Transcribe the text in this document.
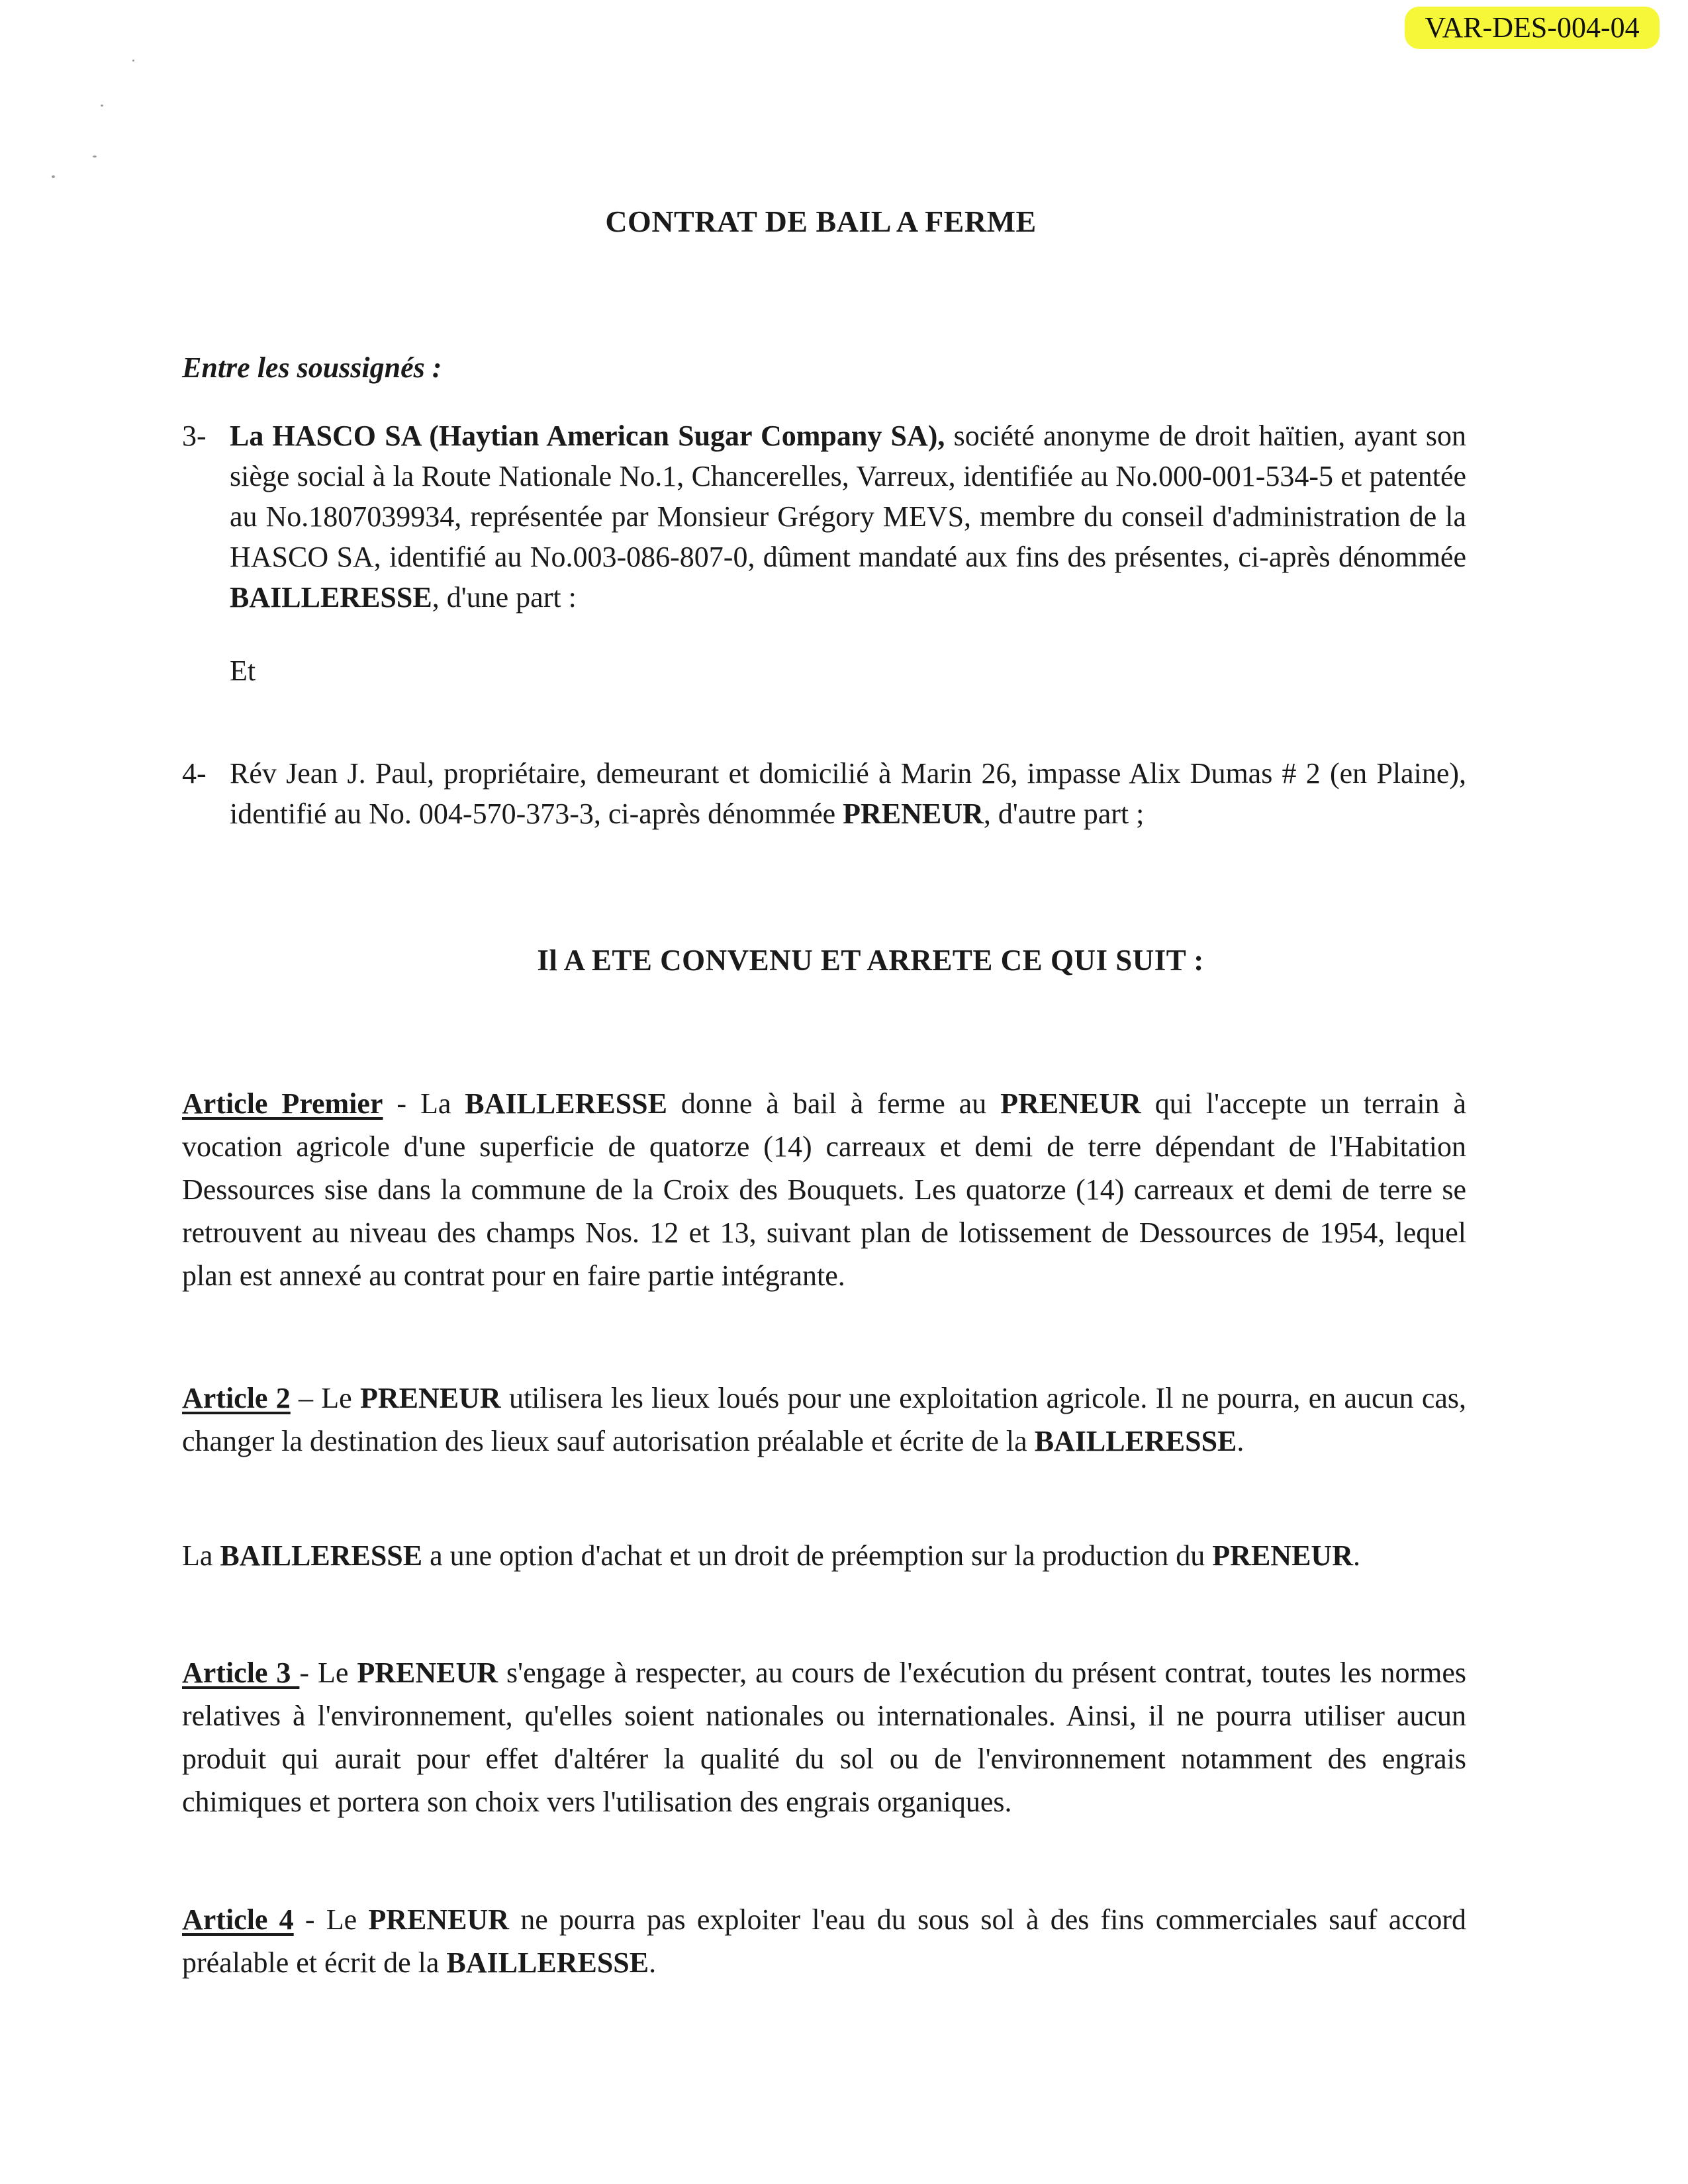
VAR-DES-004-04
CONTRAT DE BAIL A FERME
Entre les soussignés :
3- La HASCO SA (Haytian American Sugar Company SA), société anonyme de droit haïtien, ayant son siège social à la Route Nationale No.1, Chancerelles, Varreux, identifiée au No.000-001-534-5 et patentée au No.1807039934, représentée par Monsieur Grégory MEVS, membre du conseil d'administration de la HASCO SA, identifié au No.003-086-807-0, dûment mandaté aux fins des présentes, ci-après dénommée BAILLERESSE, d'une part :
Et
4- Rév Jean J. Paul, propriétaire, demeurant et domicilié à Marin 26, impasse Alix Dumas # 2 (en Plaine), identifié au No. 004-570-373-3, ci-après dénommée PRENEUR, d'autre part ;
Il A ETE CONVENU ET ARRETE CE QUI SUIT :
Article Premier - La BAILLERESSE donne à bail à ferme au PRENEUR qui l'accepte un terrain à vocation agricole d'une superficie de quatorze (14) carreaux et demi de terre dépendant de l'Habitation Dessources sise dans la commune de la Croix des Bouquets. Les quatorze (14) carreaux et demi de terre se retrouvent au niveau des champs Nos. 12 et 13, suivant plan de lotissement de Dessources de 1954, lequel plan est annexé au contrat pour en faire partie intégrante.
Article 2 – Le PRENEUR utilisera les lieux loués pour une exploitation agricole. Il ne pourra, en aucun cas, changer la destination des lieux sauf autorisation préalable et écrite de la BAILLERESSE.
La BAILLERESSE a une option d'achat et un droit de préemption sur la production du PRENEUR.
Article 3 - Le PRENEUR s'engage à respecter, au cours de l'exécution du présent contrat, toutes les normes relatives à l'environnement, qu'elles soient nationales ou internationales. Ainsi, il ne pourra utiliser aucun produit qui aurait pour effet d'altérer la qualité du sol ou de l'environnement notamment des engrais chimiques et portera son choix vers l'utilisation des engrais organiques.
Article 4 - Le PRENEUR ne pourra pas exploiter l'eau du sous sol à des fins commerciales sauf accord préalable et écrit de la BAILLERESSE.
